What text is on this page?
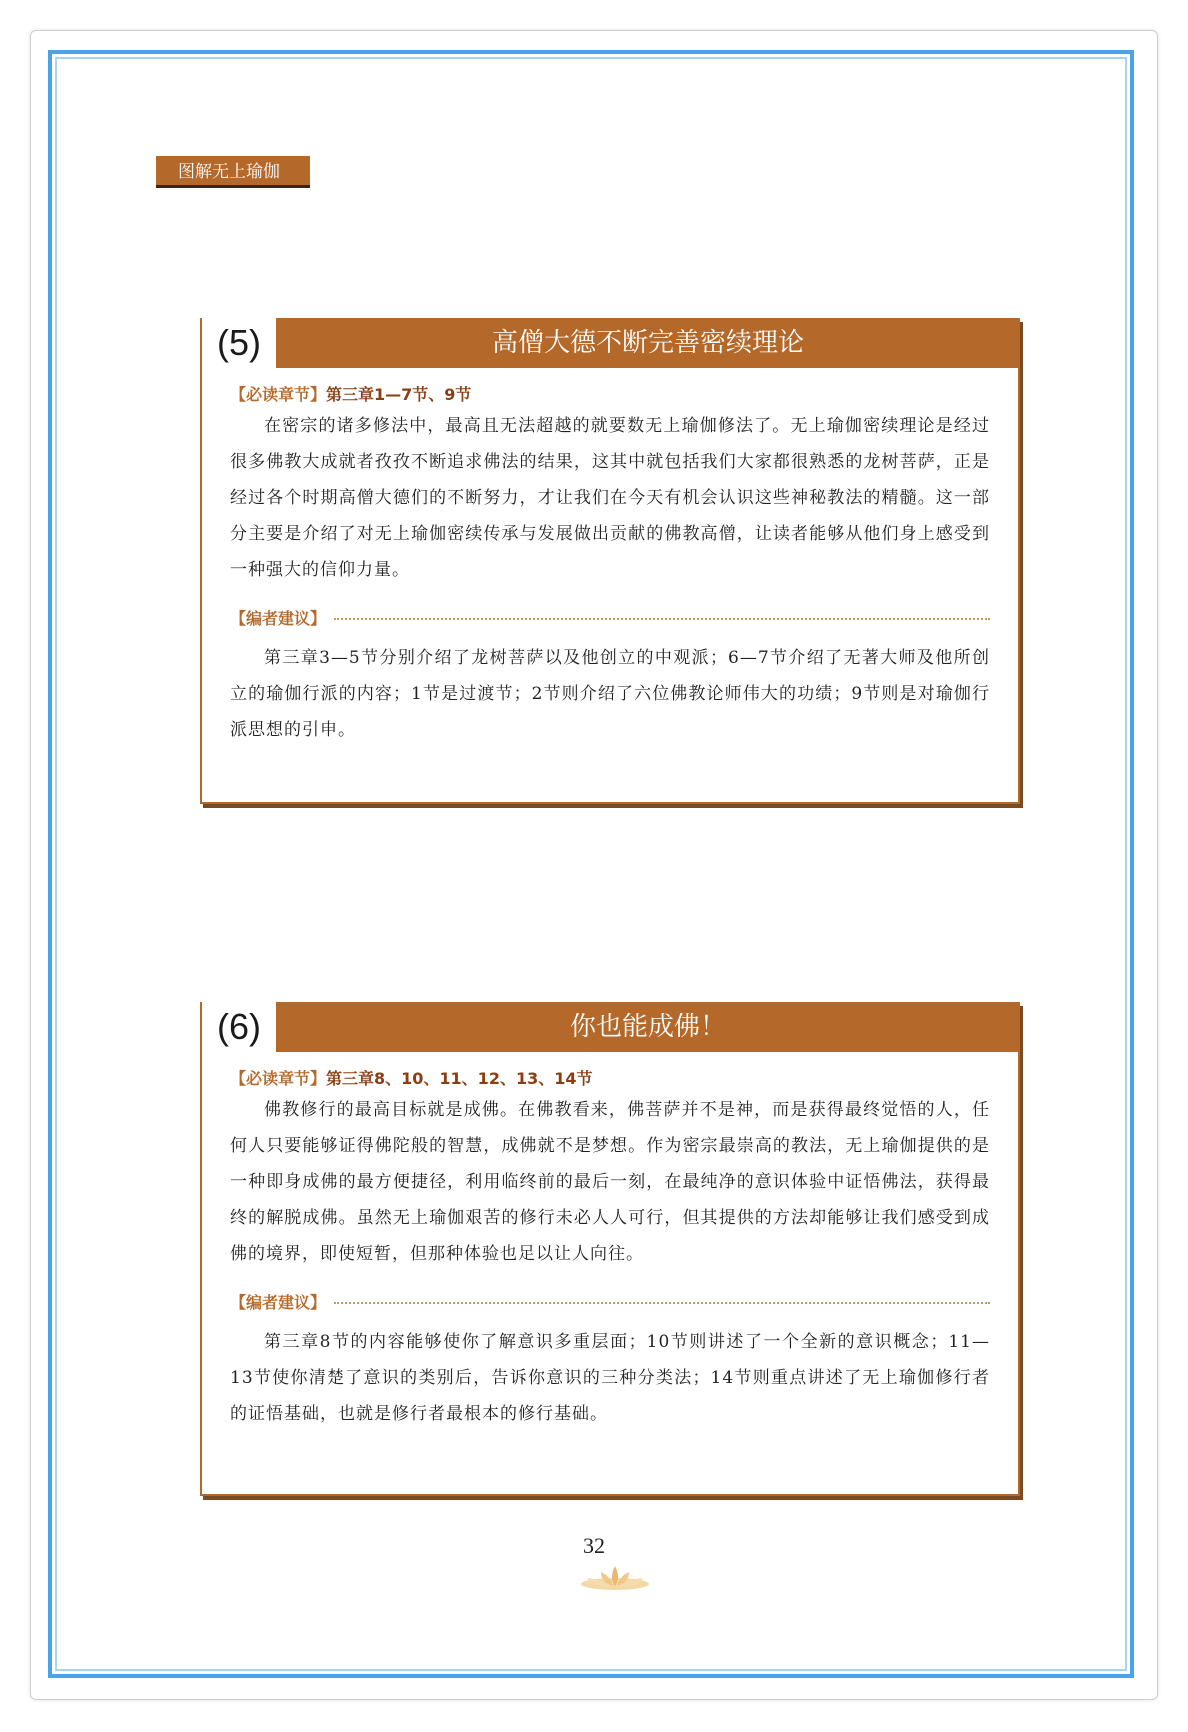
图解无上瑜伽
(5)	高僧大德不断完善密续理论
【必读章节】第三章1—7节、9节

在密宗的诸多修法中，最高且无法超越的就要数无上瑜伽修法了。无上瑜伽密续理论是经过很多佛教大成就者孜孜不断追求佛法的结果，这其中就包括我们大家都很熟悉的龙树菩萨，正是经过各个时期高僧大德们的不断努力，才让我们在今天有机会认识这些神秘教法的精髓。这一部分主要是介绍了对无上瑜伽密续传承与发展做出贡献的佛教高僧，让读者能够从他们身上感受到一种强大的信仰力量。

【编者建议】

第三章3—5节分别介绍了龙树菩萨以及他创立的中观派；6—7节介绍了无著大师及他所创立的瑜伽行派的内容；1节是过渡节；2节则介绍了六位佛教论师伟大的功绩；9节则是对瑜伽行派思想的引申。

(6)	你也能成佛！
【必读章节】第三章8、10、11、12、13、14节

佛教修行的最高目标就是成佛。在佛教看来，佛菩萨并不是神，而是获得最终觉悟的人，任何人只要能够证得佛陀般的智慧，成佛就不是梦想。作为密宗最崇高的教法，无上瑜伽提供的是一种即身成佛的最方便捷径，利用临终前的最后一刻，在最纯净的意识体验中证悟佛法，获得最终的解脱成佛。虽然无上瑜伽艰苦的修行未必人人可行，但其提供的方法却能够让我们感受到成佛的境界，即使短暂，但那种体验也足以让人向往。

【编者建议】

第三章8节的内容能够使你了解意识多重层面；10节则讲述了一个全新的意识概念；11—13节使你清楚了意识的类别后，告诉你意识的三种分类法；14节则重点讲述了无上瑜伽修行者的证悟基础，也就是修行者最根本的修行基础。

32
